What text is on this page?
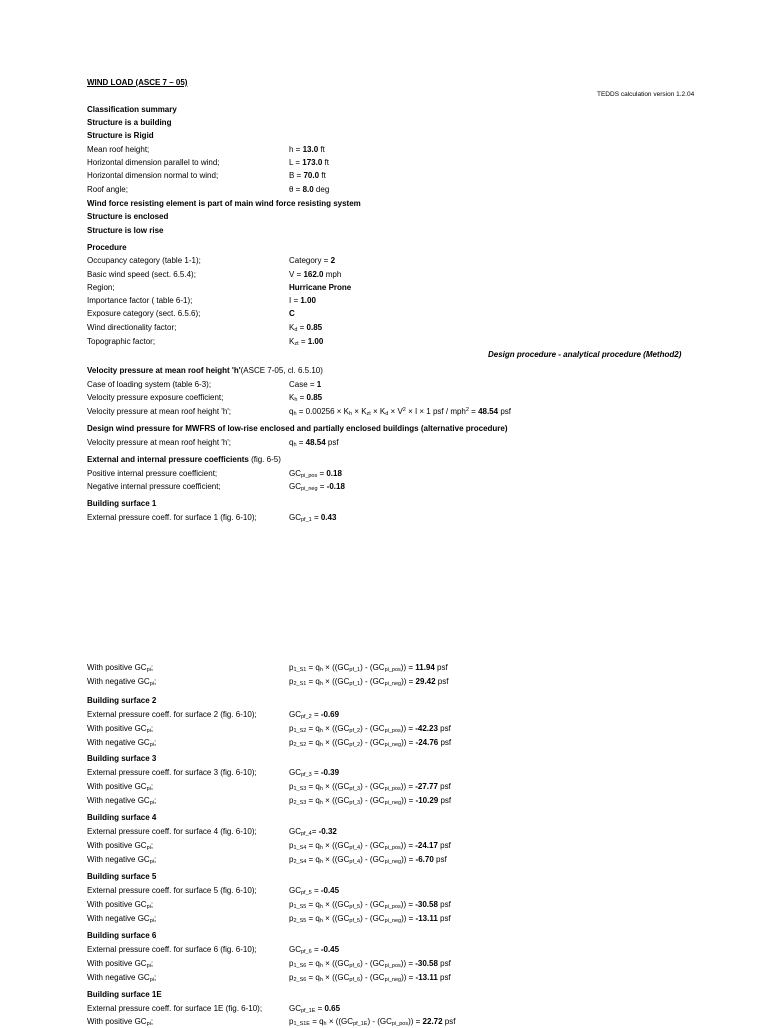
WIND LOAD (ASCE 7 – 05)
TEDDS calculation version 1.2.04
Classification summary
Structure is a building
Structure is Rigid
Mean roof height;	h = 13.0 ft
Horizontal dimension parallel to wind;	L = 173.0 ft
Horizontal dimension normal to wind;	B = 70.0 ft
Roof angle;	θ = 8.0 deg
Wind force resisting element is part of main wind force resisting system
Structure is enclosed
Structure is low rise
Procedure
Occupancy category (table 1-1);	Category = 2
Basic wind speed (sect. 6.5.4);	V = 162.0 mph
Region;	Hurricane Prone
Importance factor ( table 6-1);	I = 1.00
Exposure category (sect. 6.5.6);	C
Wind directionality factor;	Kd = 0.85
Topographic factor;	Kzt = 1.00
Design procedure - analytical procedure (Method2)
Velocity pressure at mean roof height 'h'(ASCE 7-05, cl. 6.5.10)
Case of loading system (table 6-3);	Case = 1
Velocity pressure exposure coefficient;	Kh = 0.85
Velocity pressure at mean roof height 'h';	qh = 0.00256 × Kh × Kzt × $Kd \times V^2 \times I \times 1$ psf / mph$^2$ = 48.54 psf
Design wind pressure for MWFRS of low-rise enclosed and partially enclosed buildings (alternative procedure)
Velocity pressure at mean roof height 'h';	qh = 48.54 psf
External and internal pressure coefficients (fig. 6-5)
Positive internal pressure coefficient;	GCpi_pos = 0.18
Negative internal pressure coefficient;	GCpi_neg = -0.18
Building surface 1
External pressure coeff. for surface 1 (fig. 6-10);	GCpf_1 = 0.43
With positive GCpi;	p1_S1 = qh × ((GCpf_1) - (GCpi_pos)) = 11.94 psf
With negative GCpi;	p2_S1 = qh × ((GCpf_1) - (GCpi_neg)) = 29.42 psf
Building surface 2
External pressure coeff. for surface 2 (fig. 6-10);	GCpf_2 = -0.69
With positive GCpi;	p1_S2 = qh × ((GCpf_2) - (GCpi_pos)) = -42.23 psf
With negative GCpi;	p2_S2 = qh × ((GCpf_2) - (GCpi_neg)) = -24.76 psf
Building surface 3
External pressure coeff. for surface 3 (fig. 6-10);	GCpf_3 = -0.39
With positive GCpi;	p1_S3 = qh × ((GCpf_3) - (GCpi_pos)) = -27.77 psf
With negative GCpi;	p2_S3 = qh × ((GCpf_3) - (GCpi_neg)) = -10.29 psf
Building surface 4
External pressure coeff. for surface 4 (fig. 6-10);	GCpf_4= -0.32
With positive GCpi;	p1_S4 = qh × ((GCpf_4) - (GCpi_pos)) = -24.17 psf
With negative GCpi;	p2_S4 = qh × ((GCpf_4) - (GCpi_neg)) = -6.70 psf
Building surface 5
External pressure coeff. for surface 5 (fig. 6-10);	GCpf_5 = -0.45
With positive GCpi;	p1_S5 = qh × ((GCpf_5) - (GCpi_pos)) = -30.58 psf
With negative GCpi;	p2_S5 = qh × ((GCpf_5) - (GCpi_neg)) = -13.11 psf
Building surface 6
External pressure coeff. for surface 6 (fig. 6-10);	GCpf_6 = -0.45
With positive GCpi;	p1_S6 = qh × ((GCpf_6) - (GCpi_pos)) = -30.58 psf
With negative GCpi;	p2_S6 = qh × ((GCpf_6) - (GCpi_neg)) = -13.11 psf
Building surface 1E
External pressure coeff. for surface 1E (fig. 6-10);	GCpf_1E = 0.65
With positive GCpi;	p1_S1E = qh × ((GCpf_1E) - (GCpi_pos)) = 22.72 psf
